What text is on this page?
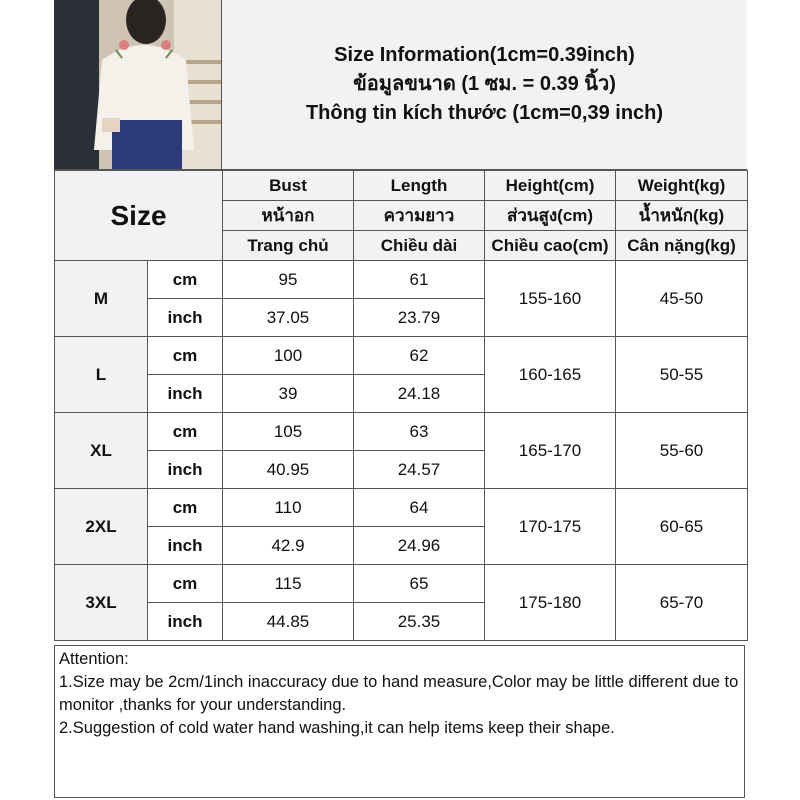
Size Information(1cm=0.39inch)
ข้อมูลขนาด (1 ซม. = 0.39 นิ้ว)
Thông tin kích thước (1cm=0,39 inch)
Size		Bust	Length	Height(cm)	Weight(kg)
		หน้าอก	ความยาว	ส่วนสูง(cm)	น้ำหนัก(kg)
		Trang chủ	Chiều dài	Chiều cao(cm)	Cân nặng(kg)
M	cm	95	61	155-160	45-50
	inch	37.05	23.79		
L	cm	100	62	160-165	50-55
	inch	39	24.18		
XL	cm	105	63	165-170	55-60
	inch	40.95	24.57		
2XL	cm	110	64	170-175	60-65
	inch	42.9	24.96		
3XL	cm	115	65	175-180	65-70
	inch	44.85	25.35		
Attention:
1.Size may be 2cm/1inch inaccuracy due to hand measure,Color may be little different due to monitor ,thanks for your understanding.
2.Suggestion of cold water hand washing,it can help items keep their shape.
